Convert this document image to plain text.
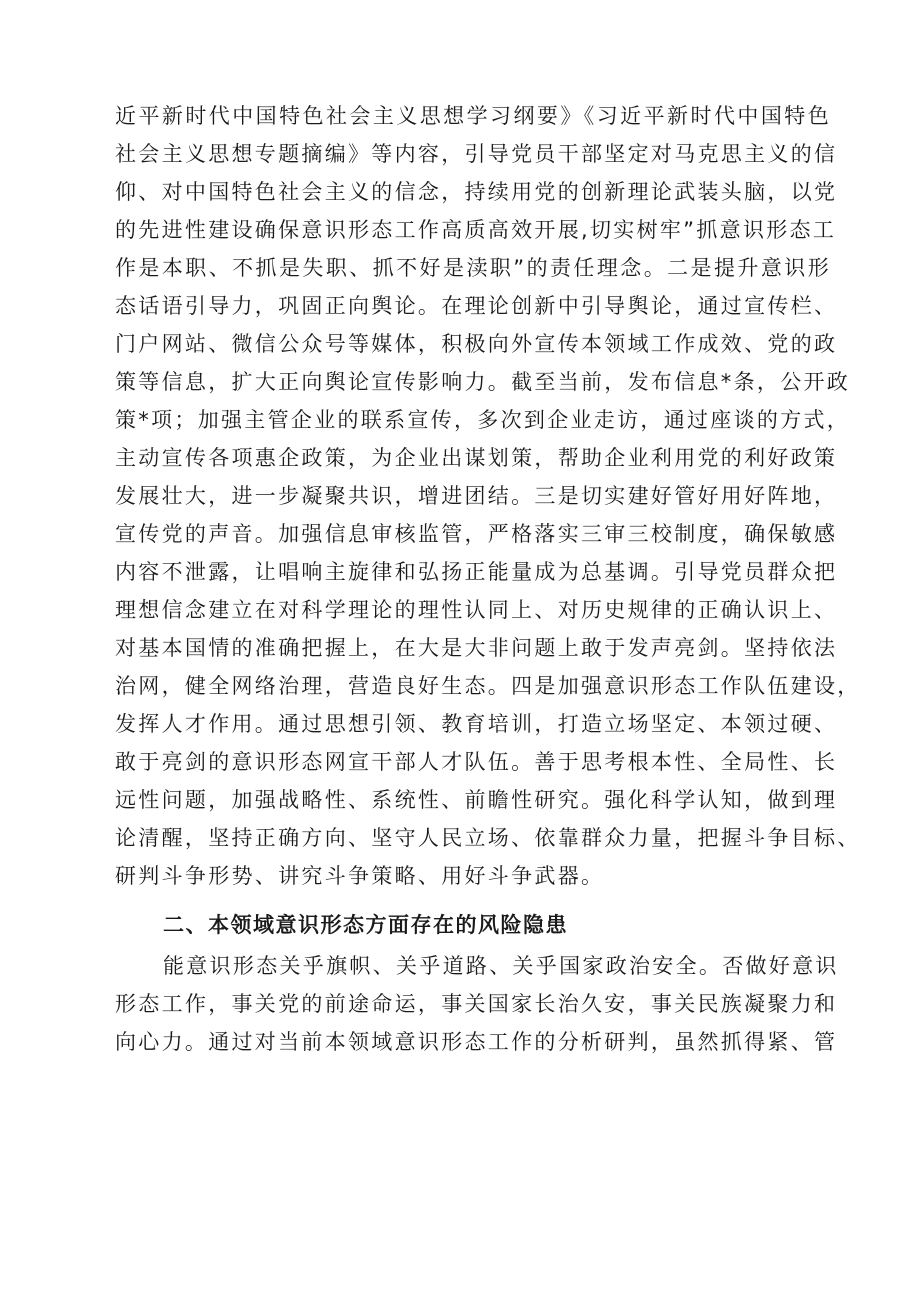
近平新时代中国特色社会主义思想学习纲要》《习近平新时代中国特色
社会主义思想专题摘编》等内容，引导党员干部坚定对马克思主义的信
仰、对中国特色社会主义的信念，持续用党的创新理论武装头脑，以党
的先进性建设确保意识形态工作高质高效开展,切实树牢”抓意识形态工
作是本职、不抓是失职、抓不好是渎职”的责任理念。二是提升意识形
态话语引导力，巩固正向舆论。在理论创新中引导舆论，通过宣传栏、
门户网站、微信公众号等媒体，积极向外宣传本领域工作成效、党的政
策等信息，扩大正向舆论宣传影响力。截至当前，发布信息*条，公开政
策*项；加强主管企业的联系宣传，多次到企业走访，通过座谈的方式，
主动宣传各项惠企政策，为企业出谋划策，帮助企业利用党的利好政策
发展壮大，进一步凝聚共识，增进团结。三是切实建好管好用好阵地，
宣传党的声音。加强信息审核监管，严格落实三审三校制度，确保敏感
内容不泄露，让唱响主旋律和弘扬正能量成为总基调。引导党员群众把
理想信念建立在对科学理论的理性认同上、对历史规律的正确认识上、
对基本国情的准确把握上，在大是大非问题上敢于发声亮剑。坚持依法
治网，健全网络治理，营造良好生态。四是加强意识形态工作队伍建设，
发挥人才作用。通过思想引领、教育培训，打造立场坚定、本领过硬、
敢于亮剑的意识形态网宣干部人才队伍。善于思考根本性、全局性、长
远性问题，加强战略性、系统性、前瞻性研究。强化科学认知，做到理
论清醒，坚持正确方向、坚守人民立场、依靠群众力量，把握斗争目标、
研判斗争形势、讲究斗争策略、用好斗争武器。
二、本领域意识形态方面存在的风险隐患
能意识形态关乎旗帜、关乎道路、关乎国家政治安全。否做好意识
形态工作，事关党的前途命运，事关国家长治久安，事关民族凝聚力和
向心力。通过对当前本领域意识形态工作的分析研判，虽然抓得紧、管
